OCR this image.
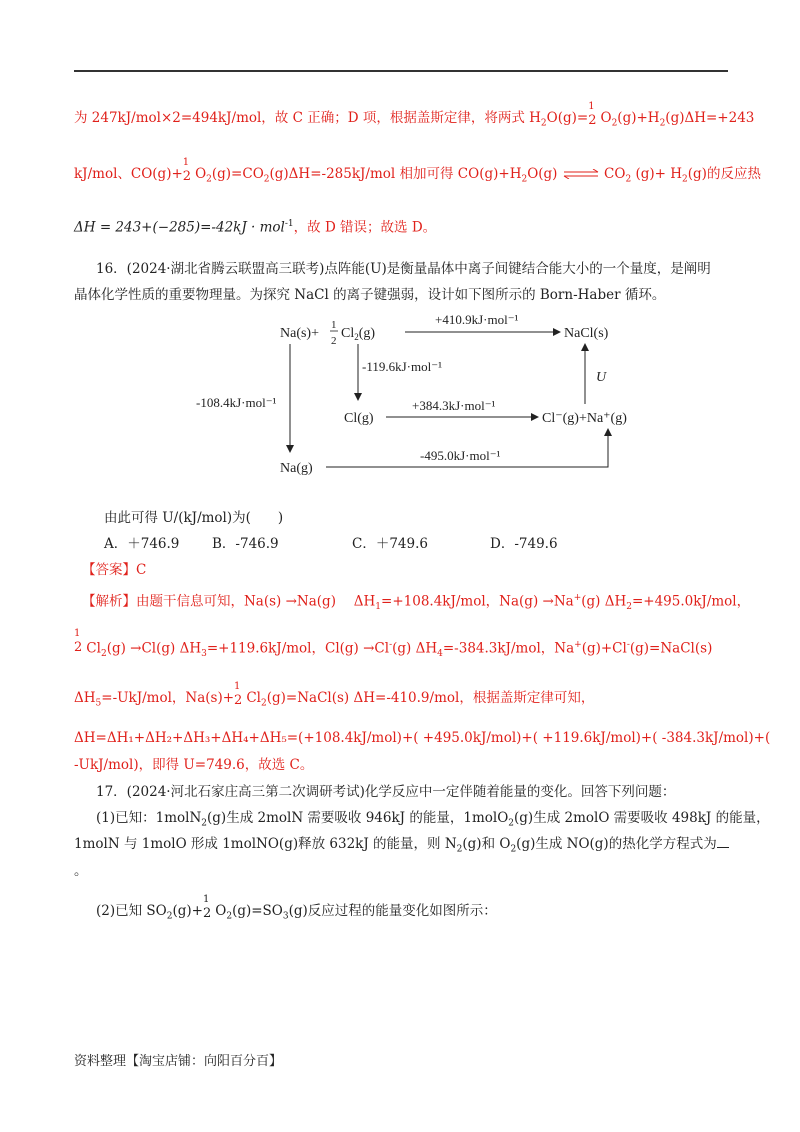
为 247kJ/mol×2=494kJ/mol，故 C 正确；D 项，根据盖斯定律，将两式 $H_2O(g)=$
1
2 $O_2(g)+H_2(g)\Delta H=+243$
kJ/mol、CO(g)+
1
2 $O_2(g)=CO_2(g)\Delta H=-285kJ$/mol 相加可得 $CO(g)+H_2O(g)$ ⇌ $CO_2$ $(g)+ H_2(g)$的反应热
ΔH = 243+(−285)=-42kJ · mol$^{-1}$，故 D 错误；故选 D。
16．(2024·湖北省腾云联盟高三联考)点阵能(U)是衡量晶体中离子间键结合能大小的一个量度，是阐明
晶体化学性质的重要物理量。为探究 NaCl 的离子键强弱，设计如下图所示的 Born-Haber 循环。
Na(s)+
1
2 $Cl_2(g)$	NaCl(s)
Cl(g)	Cl⁻(g)+Na⁺(g)
Na(g)
+410.9kJ·mol⁻¹
-119.6kJ·mol⁻¹
-108.4kJ·mol⁻¹	+384.3kJ·mol⁻¹
-495.0kJ·mol⁻¹
U
由此可得 U/(kJ/mol)为(　　)
A．＋746.9 B．-746.9	C．＋749.6	D．-749.6
【答案】C
【解析】由题干信息可知，Na(s) →Na(g)　 $\Delta H_1=+108.4kJ$/mol，Na(g) →Na+(g) $\Delta H_2=+495.0kJ$/mol，
1
2 $Cl_2(g) \to Cl(g)$ $\Delta H_3=+119.6kJ$/mol，Cl(g) →Cl-(g) $\Delta H_4=-384.3kJ$/mol，Na+(g)+Cl-(g)=NaCl(s)
$\Delta H_5=-UkJ$/mol，Na(s)+
1
2 $Cl_2(g)=NaCl(s)$ ΔH=-410.9/mol，根据盖斯定律可知，
ΔH=ΔH₁+ΔH₂+ΔH₃+ΔH₄+ΔH₅=(+108.4kJ/mol)+( +495.0kJ/mol)+( +119.6kJ/mol)+( -384.3kJ/mol)+(
-UkJ/mol)，即得 U=749.6，故选 C。
17．(2024·河北石家庄高三第二次调研考试)化学反应中一定伴随着能量的变化。回答下列问题：
(1)已知：1molN$_2$(g)生成 2molN 需要吸收 946kJ 的能量，1molO$_2$(g)生成 2molO 需要吸收 498kJ 的能量，
1molN 与 1molO 形成 1molNO(g)释放 632kJ 的能量，则 $N_2(g)$和 $O_2(g)$生成 NO(g)的热化学方程式为
。
(2)已知 $SO_2(g)+$
1
2 $O_2(g)=SO_3(g)$反应过程的能量变化如图所示：
资料整理【淘宝店铺：向阳百分百】
